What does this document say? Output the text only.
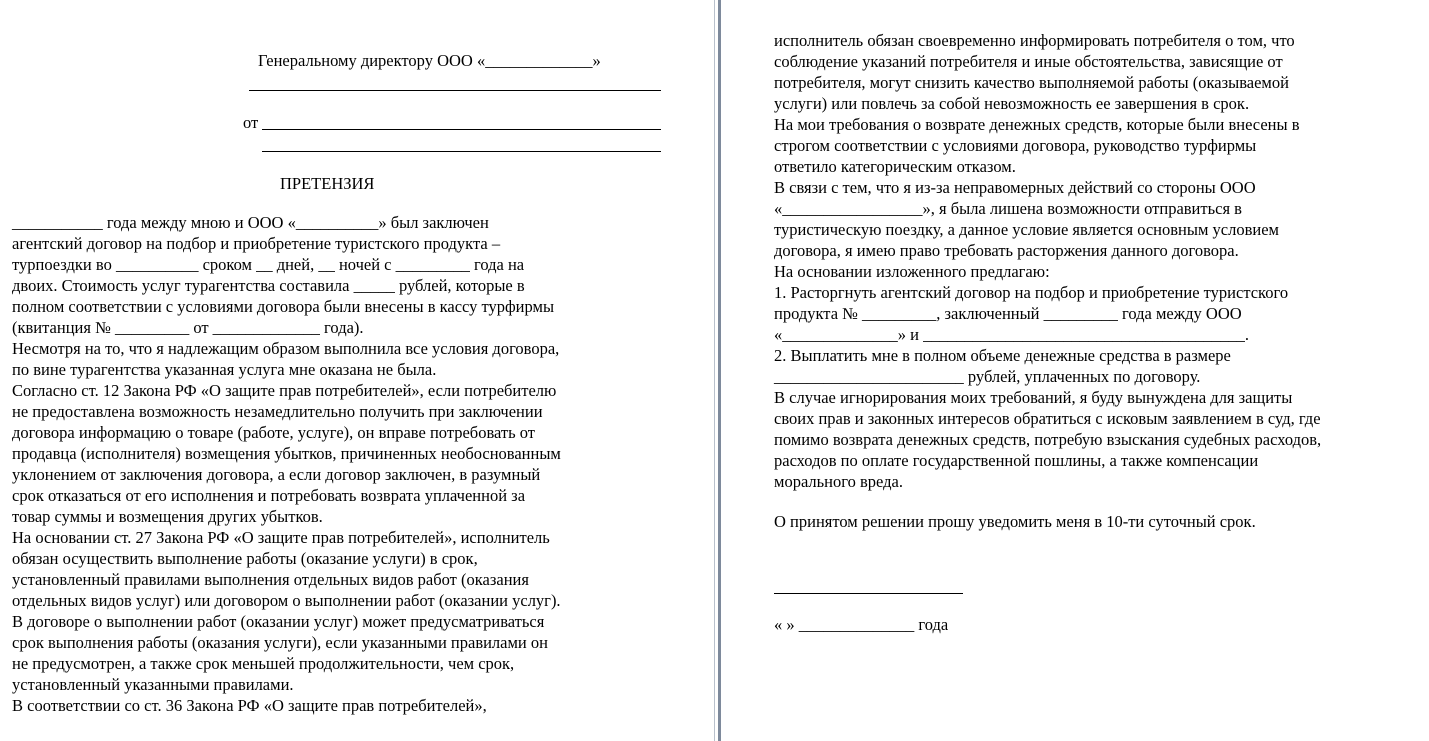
Генеральному директору ООО «_____________»
от
ПРЕТЕНЗИЯ
___________ года между мною и ООО «__________» был заключен
агентский договор на подбор и приобретение туристского продукта –
турпоездки во __________ сроком __ дней, __ ночей с _________ года на
двоих. Стоимость услуг турагентства составила _____ рублей, которые в
полном соответствии с условиями договора были внесены в кассу турфирмы
(квитанция № _________ от _____________ года).
Несмотря на то, что я надлежащим образом выполнила все условия договора,
по вине турагентства указанная услуга мне оказана не была.
Согласно ст. 12 Закона РФ «О защите прав потребителей», если потребителю
не предоставлена возможность незамедлительно получить при заключении
договора информацию о товаре (работе, услуге), он вправе потребовать от
продавца (исполнителя) возмещения убытков, причиненных необоснованным
уклонением от заключения договора, а если договор заключен, в разумный
срок отказаться от его исполнения и потребовать возврата уплаченной за
товар суммы и возмещения других убытков.
На основании ст. 27 Закона РФ «О защите прав потребителей», исполнитель
обязан осуществить выполнение работы (оказание услуги) в срок,
установленный правилами выполнения отдельных видов работ (оказания
отдельных видов услуг) или договором о выполнении работ (оказании услуг).
В договоре о выполнении работ (оказании услуг) может предусматриваться
срок выполнения работы (оказания услуги), если указанными правилами он
не предусмотрен, а также срок меньшей продолжительности, чем срок,
установленный указанными правилами.
В соответствии со ст. 36 Закона РФ «О защите прав потребителей»,
исполнитель обязан своевременно информировать потребителя о том, что
соблюдение указаний потребителя и иные обстоятельства, зависящие от
потребителя, могут снизить качество выполняемой работы (оказываемой
услуги) или повлечь за собой невозможность ее завершения в срок.
На мои требования о возврате денежных средств, которые были внесены в
строгом соответствии с условиями договора, руководство турфирмы
ответило категорическим отказом.
В связи с тем, что я из-за неправомерных действий со стороны ООО
«_________________», я была лишена возможности отправиться в
туристическую поездку, а данное условие является основным условием
договора, я имею право требовать расторжения данного договора.
На основании изложенного предлагаю:
1. Расторгнуть агентский договор на подбор и приобретение туристского
продукта № _________, заключенный _________ года между ООО
«______________» и _______________________________________.
2. Выплатить мне в полном объеме денежные средства в размере
_______________________ рублей, уплаченных по договору.
В случае игнорирования моих требований, я буду вынуждена для защиты
своих прав и законных интересов обратиться с исковым заявлением в суд, где
помимо возврата денежных средств, потребую взыскания судебных расходов,
расходов по оплате государственной пошлины, а также компенсации
морального вреда.
О принятом решении прошу уведомить меня в 10-ти суточный срок.
« » ______________ года
